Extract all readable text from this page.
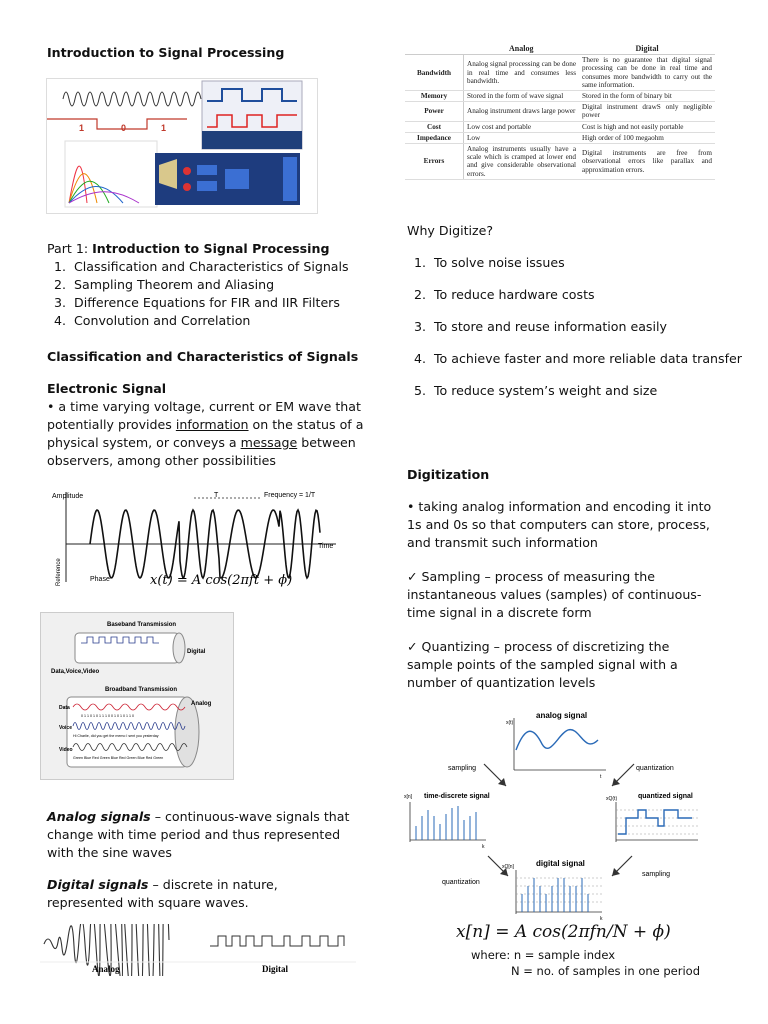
Introduction to Signal Processing
1	0	1
Part 1: Introduction to Signal Processing
1. Classification and Characteristics of Signals
2. Sampling Theorem and Aliasing
3. Difference Equations for FIR and IIR Filters
4. Convolution and Correlation
Classification and Characteristics of Signals
Electronic Signal
• a time varying voltage, current or EM wave that potentially provides information on the status of a physical system, or conveys a message between observers, among other possibilities
Amplitude
Time
T	Frequency = 1/T
Phase
Reference	x(t) = A cos(2πft + ϕ)
Baseband Transmission
Digital
Data,Voice,Video
Broadband Transmission
Analog
Data
Voice
Hi Charlie, did you get the memo I sent you yesterday
Video
Green Blue Red Green Blue Red Green Blue Red Green
0 1 1 0 1 0 1 1 1 0 0 1 0 1 0 1 1 0
Analog signals – continuous-wave signals that change with time period and thus represented with the sine waves
Digital signals – discrete in nature, represented with square waves.
Analog	Digital
	Analog	Digital
Bandwidth	Analog signal processing can be done in real time and consumes less bandwidth.	There is no guarantee that digital signal processing can be done in real time and consumes more bandwidth to carry out the same information.
Memory	Stored in the form of wave signal	Stored in the form of binary bit
Power	Analog instrument draws large power	Digital instrument drawS only negligible power
Cost	Low cost and portable	Cost is high and not easily portable
Impedance	Low	High order of 100 megaohm
Errors	Analog instruments usually have a scale which is cramped at lower end and give considerable observational errors.	Digital instruments are free from observational errors like parallax and approximation errors.
Why Digitize?
1. To solve noise issues
2. To reduce hardware costs
3. To store and reuse information easily
4. To achieve faster and more reliable data transfer
5. To reduce system’s weight and size
Digitization
• taking analog information and encoding it into 1s and 0s so that computers can store, process, and transmit such information
✓ Sampling – process of measuring the instantaneous values (samples) of continuous-time signal in a discrete form
✓ Quantizing – process of discretizing the sample points of the sampled signal with a number of quantization levels
analog signal
x(t)
t
sampling	quantization
time-discrete signal
x[n]
k
quantized signal
xQ(t)
quantization
sampling
digital signal
xQ[n]
k
x[n] = A cos(2πfn/N + ϕ)
where: n = sample index
N = no. of samples in one period
